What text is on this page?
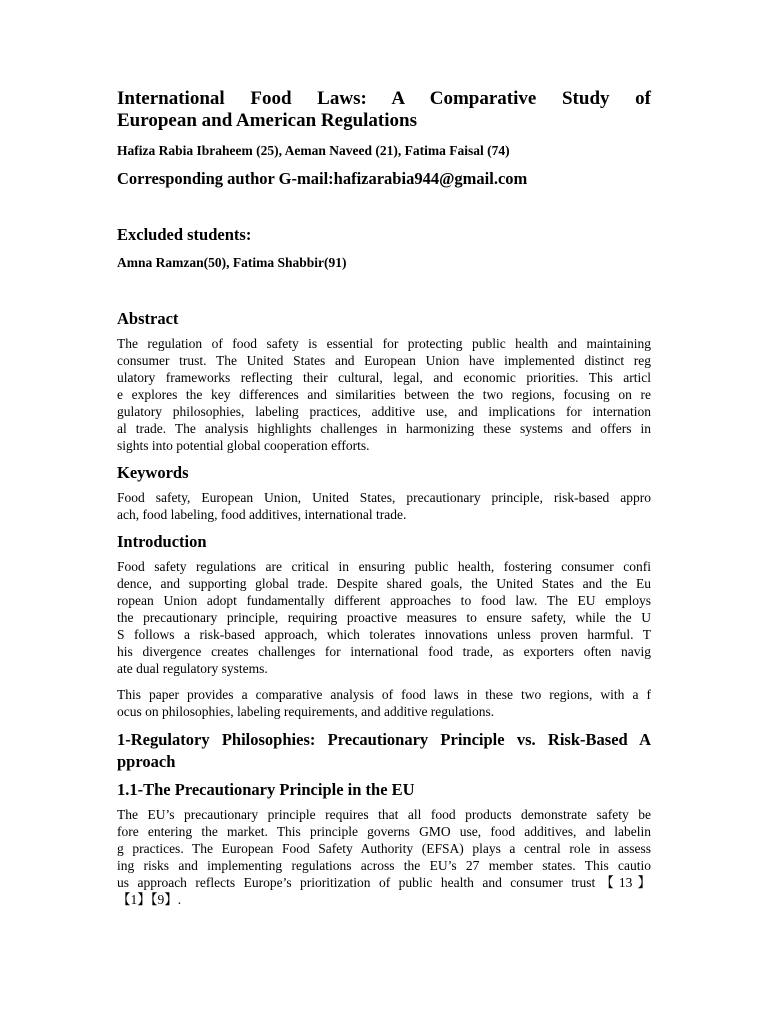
International Food Laws: A Comparative Study of
European and American Regulations
Hafiza Rabia Ibraheem (25), Aeman Naveed (21), Fatima Faisal (74)
Corresponding author G-mail:hafizarabia944@gmail.com
Excluded students:
Amna Ramzan(50), Fatima Shabbir(91)
Abstract

The regulation of food safety is essential for protecting public health and maintaining
consumer trust. The United States and European Union have implemented distinct reg
ulatory frameworks reflecting their cultural, legal, and economic priorities. This articl
e explores the key differences and similarities between the two regions, focusing on re
gulatory philosophies, labeling practices, additive use, and implications for internation
al trade. The analysis highlights challenges in harmonizing these systems and offers in
sights into potential global cooperation efforts.

Keywords

Food safety, European Union, United States, precautionary principle, risk-based appro
ach, food labeling, food additives, international trade.

Introduction

Food safety regulations are critical in ensuring public health, fostering consumer confi
dence, and supporting global trade. Despite shared goals, the United States and the Eu
ropean Union adopt fundamentally different approaches to food law. The EU employs
the precautionary principle, requiring proactive measures to ensure safety, while the U
S follows a risk-based approach, which tolerates innovations unless proven harmful. T
his divergence creates challenges for international food trade, as exporters often navig
ate dual regulatory systems.

This paper provides a comparative analysis of food laws in these two regions, with a f
ocus on philosophies, labeling requirements, and additive regulations.

1-Regulatory Philosophies: Precautionary Principle vs. Risk-Based A
pproach
1.1-The Precautionary Principle in the EU

The EU’s precautionary principle requires that all food products demonstrate safety be
fore entering the market. This principle governs GMO use, food additives, and labelin
g practices. The European Food Safety Authority (EFSA) plays a central role in assess
ing risks and implementing regulations across the EU’s 27 member states. This cautio
us approach reflects Europe’s prioritization of public health and consumer trust【13】
【1】【9】.
